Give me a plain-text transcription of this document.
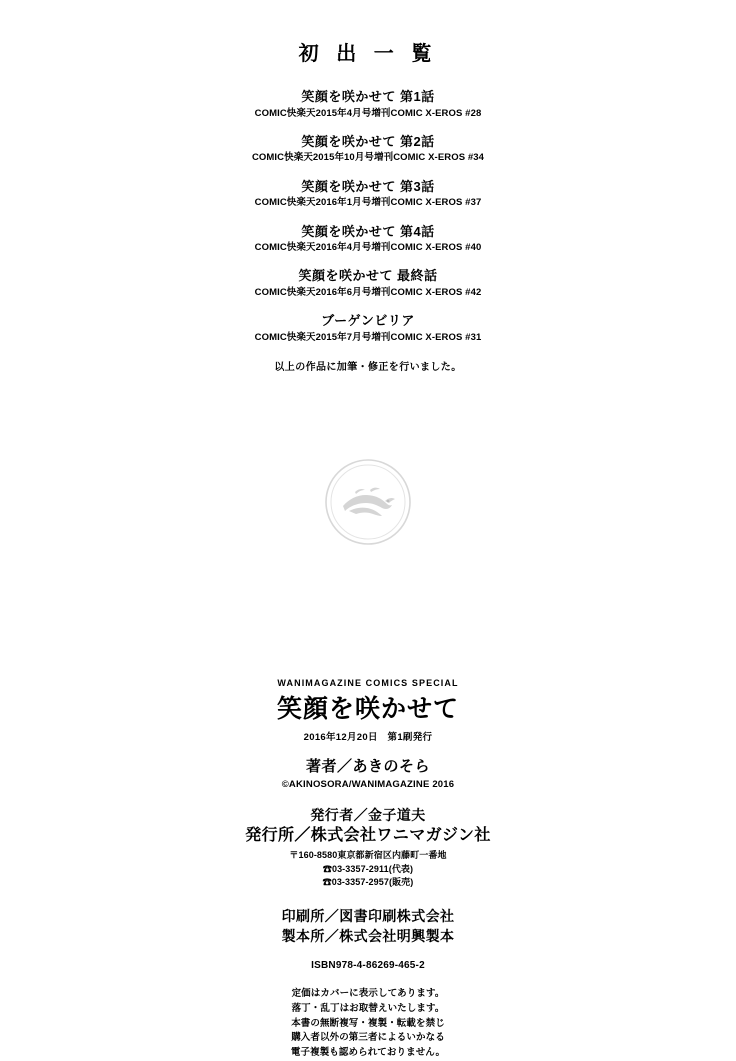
初 出 一 覧
笑顔を咲かせて 第1話
COMIC快楽天2015年4月号増刊COMIC X-EROS #28
笑顔を咲かせて 第2話
COMIC快楽天2015年10月号増刊COMIC X-EROS #34
笑顔を咲かせて 第3話
COMIC快楽天2016年1月号増刊COMIC X-EROS #37
笑顔を咲かせて 第4話
COMIC快楽天2016年4月号増刊COMIC X-EROS #40
笑顔を咲かせて 最終話
COMIC快楽天2016年6月号増刊COMIC X-EROS #42
ブーゲンビリア
COMIC快楽天2015年7月号増刊COMIC X-EROS #31
以上の作品に加筆・修正を行いました。
WANIMAGAZINE COMICS SPECIAL
笑顔を咲かせて
2016年12月20日　第1刷発行
著者／あきのそら
©AKINOSORA/WANIMAGAZINE 2016
発行者／金子道夫
発行所／株式会社ワニマガジン社
〒160-8580東京都新宿区内藤町一番地
☎03-3357-2911(代表)
☎03-3357-2957(販売)
印刷所／図書印刷株式会社
製本所／株式会社明興製本
ISBN978-4-86269-465-2
定価はカバーに表示してあります。
落丁・乱丁はお取替えいたします。
本書の無断複写・複製・転載を禁じ
購入者以外の第三者によるいかなる
電子複製も認められておりません。
